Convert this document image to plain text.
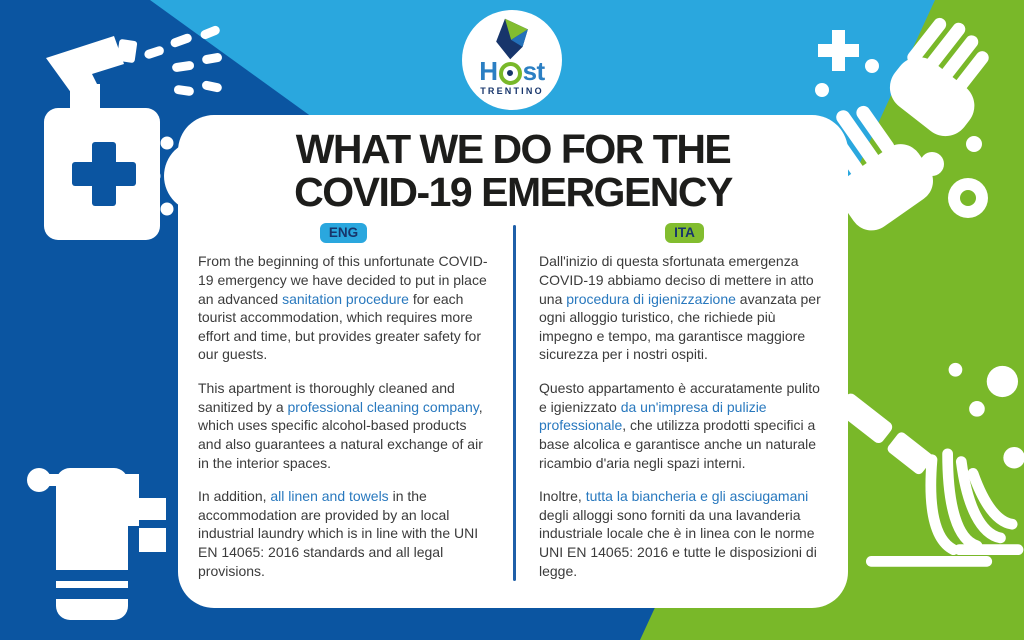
H st
TRENTINO
WHAT WE DO FOR THE
COVID-19 EMERGENCY
ENG

From the beginning of this unfortunate COVID-19 emergency we have decided to put in place an advanced sanitation procedure for each tourist accommodation, which requires more effort and time, but provides greater safety for our guests.

This apartment is thoroughly cleaned and sanitized by a professional cleaning company, which uses specific alcohol-based products and also guarantees a natural exchange of air in the interior spaces.

In addition, all linen and towels in the accommodation are provided by an local industrial laundry which is in line with the UNI EN 14065: 2016 standards and all legal provisions.

ITA

Dall'inizio di questa sfortunata emergenza COVID-19 abbiamo deciso di mettere in atto una procedura di igienizzazione avanzata per ogni alloggio turistico, che richiede più impegno e tempo, ma garantisce maggiore sicurezza per i nostri ospiti.

Questo appartamento è accuratamente pulito e igienizzato da un'impresa di pulizie professionale, che utilizza prodotti specifici a base alcolica e garantisce anche un naturale ricambio d'aria negli spazi interni.

Inoltre, tutta la biancheria e gli asciugamani degli alloggi sono forniti da una lavanderia industriale locale che è in linea con le norme UNI EN 14065: 2016 e tutte le disposizioni di legge.
